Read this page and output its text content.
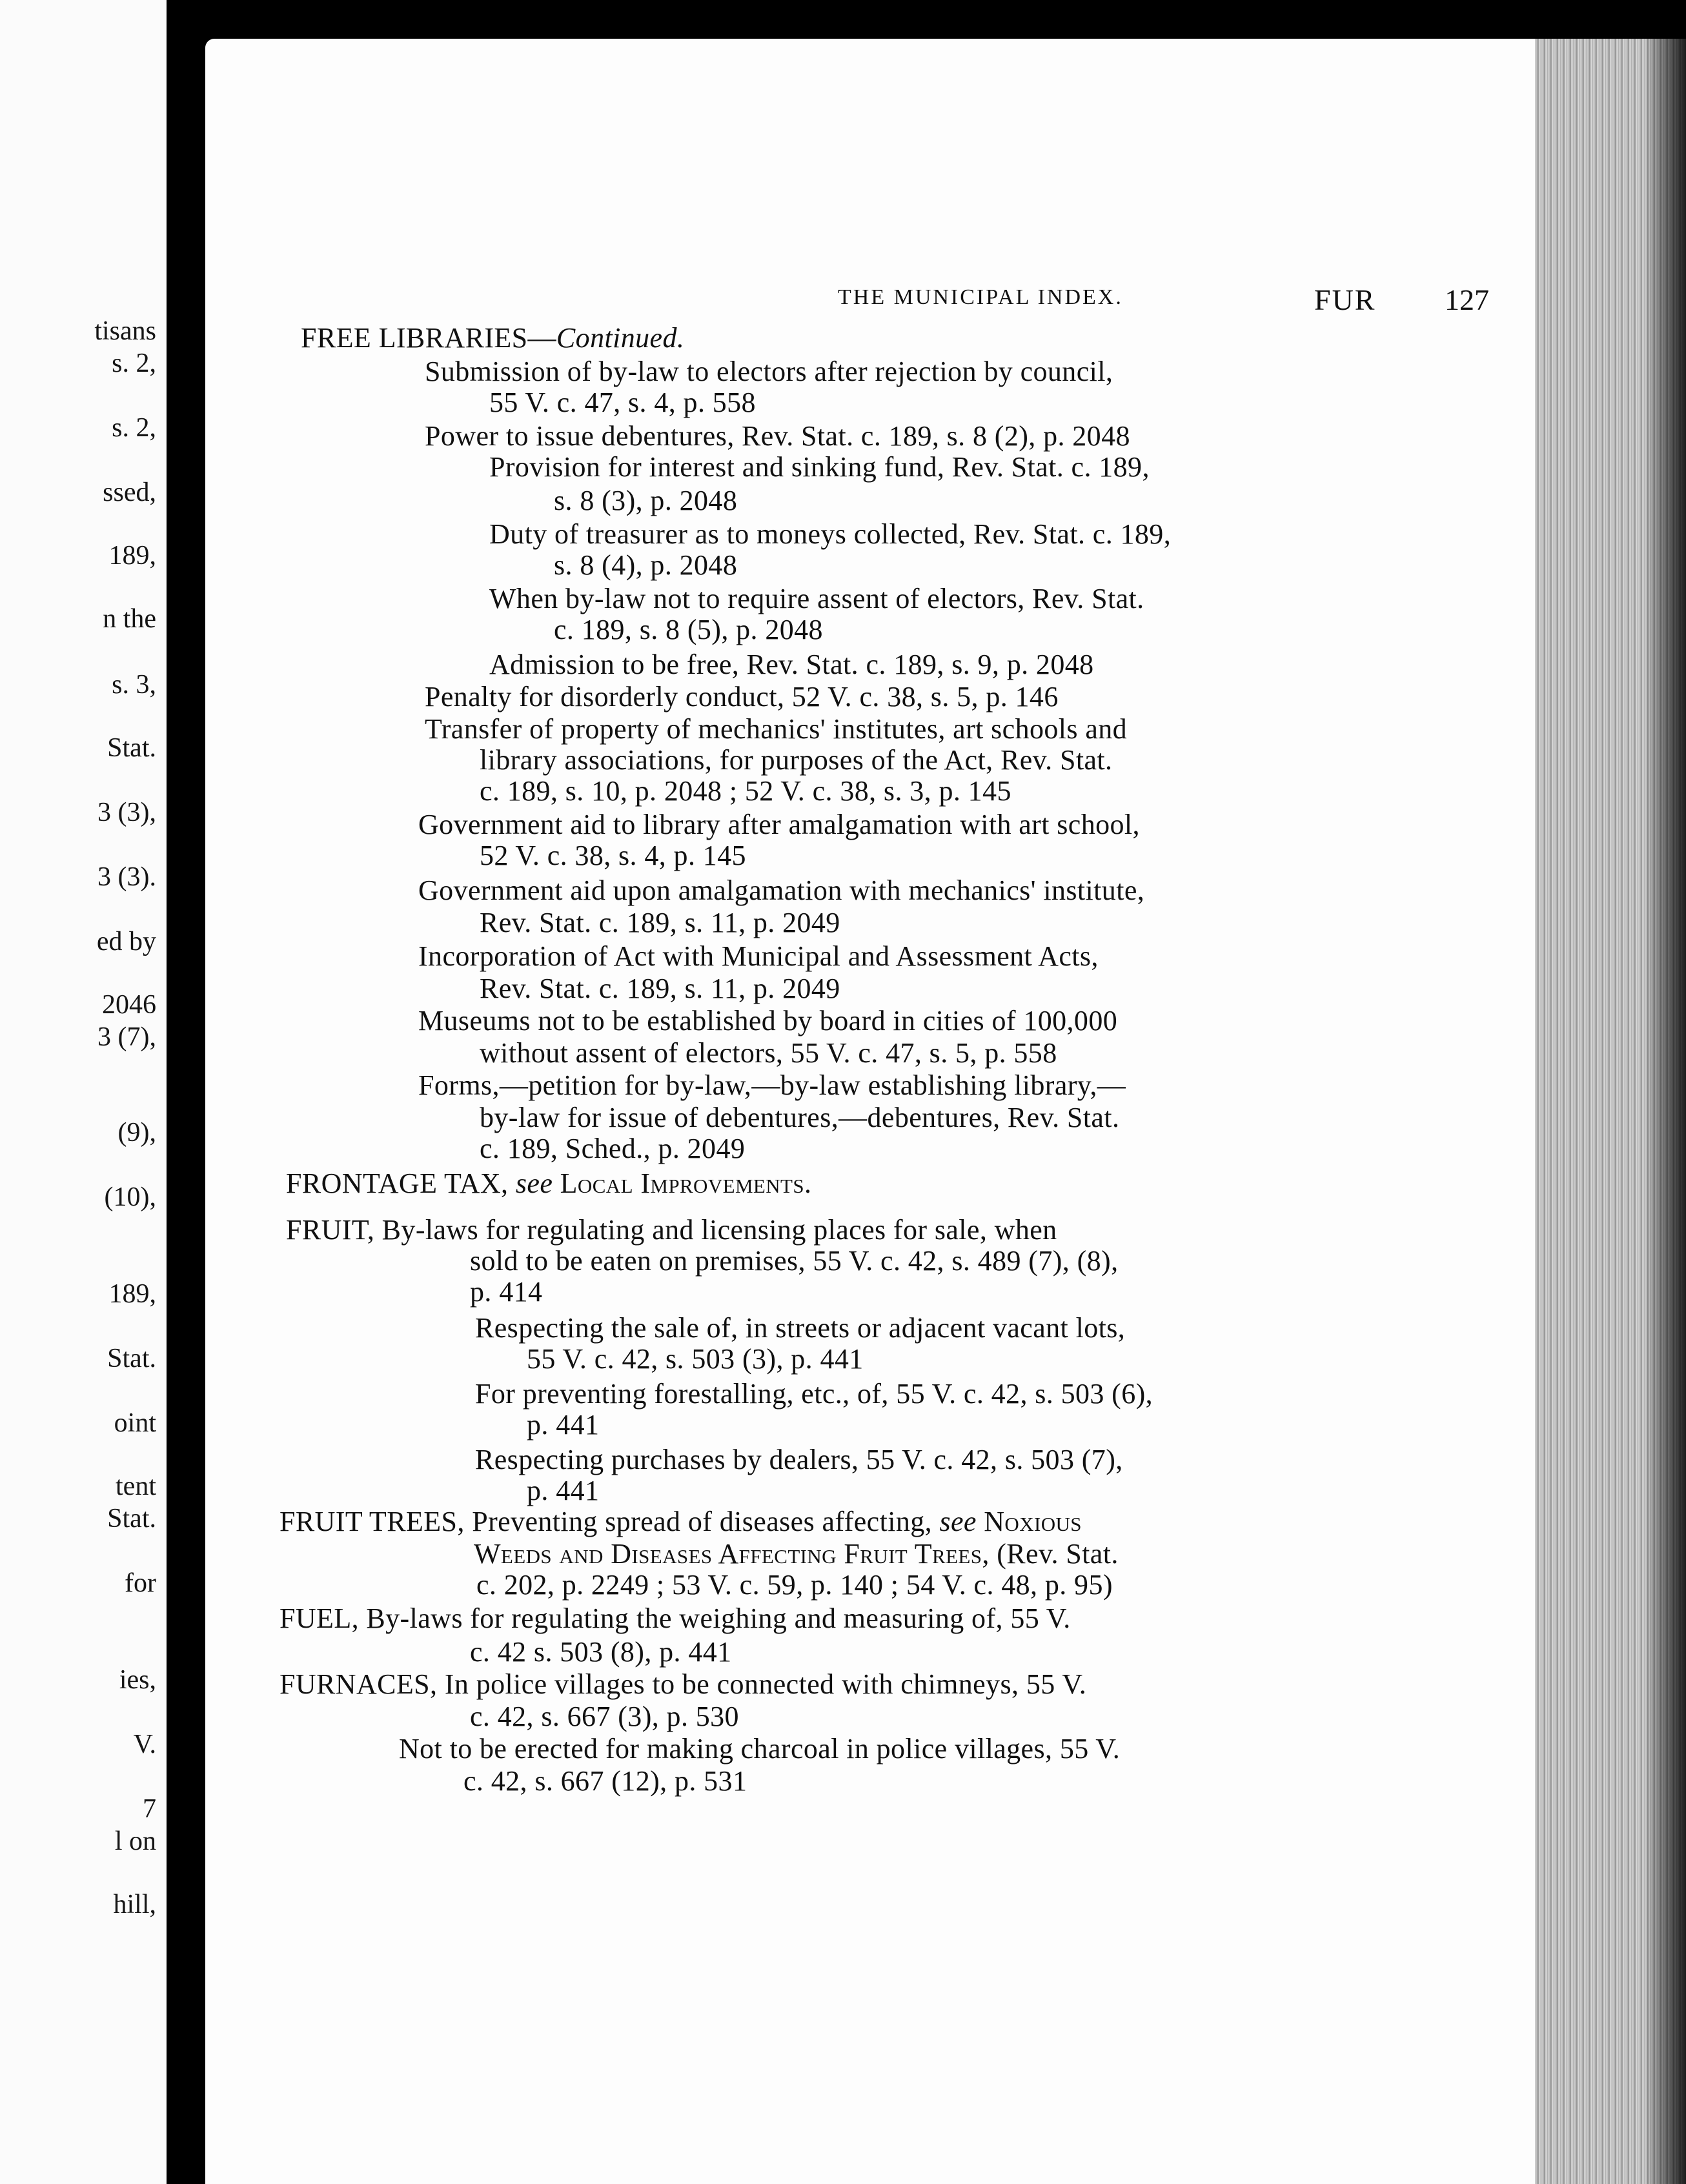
tisans
s. 2,
s. 2,
ssed,
189,
n the
s. 3,
Stat.
3 (3),
3 (3).
ed by
2046
3 (7),
(9),
(10),
189,
Stat.
oint
tent
Stat.
for
ies,
V.
7
l on
hill,
THE MUNICIPAL INDEX.	FUR 127
FREE LIBRARIES—Continued.
Submission of by-law to electors after rejection by council,
55 V. c. 47, s. 4, p. 558
Power to issue debentures, Rev. Stat. c. 189, s. 8 (2), p. 2048
Provision for interest and sinking fund, Rev. Stat. c. 189,
s. 8 (3), p. 2048
Duty of treasurer as to moneys collected, Rev. Stat. c. 189,
s. 8 (4), p. 2048
When by-law not to require assent of electors, Rev. Stat.
c. 189, s. 8 (5), p. 2048
Admission to be free, Rev. Stat. c. 189, s. 9, p. 2048
Penalty for disorderly conduct, 52 V. c. 38, s. 5, p. 146
Transfer of property of mechanics' institutes, art schools and
library associations, for purposes of the Act, Rev. Stat.
c. 189, s. 10, p. 2048 ; 52 V. c. 38, s. 3, p. 145
Government aid to library after amalgamation with art school,
52 V. c. 38, s. 4, p. 145
Government aid upon amalgamation with mechanics' institute,
Rev. Stat. c. 189, s. 11, p. 2049
Incorporation of Act with Municipal and Assessment Acts,
Rev. Stat. c. 189, s. 11, p. 2049
Museums not to be established by board in cities of 100,000
without assent of electors, 55 V. c. 47, s. 5, p. 558
Forms,—petition for by-law,—by-law establishing library,—
by-law for issue of debentures,—debentures, Rev. Stat.
c. 189, Sched., p. 2049
FRONTAGE TAX, see Local Improvements.
FRUIT, By-laws for regulating and licensing places for sale, when
sold to be eaten on premises, 55 V. c. 42, s. 489 (7), (8),
p. 414
Respecting the sale of, in streets or adjacent vacant lots,
55 V. c. 42, s. 503 (3), p. 441
For preventing forestalling, etc., of, 55 V. c. 42, s. 503 (6),
p. 441
Respecting purchases by dealers, 55 V. c. 42, s. 503 (7),
p. 441
FRUIT TREES, Preventing spread of diseases affecting, see Noxious
Weeds and Diseases Affecting Fruit Trees, (Rev. Stat.
c. 202, p. 2249 ; 53 V. c. 59, p. 140 ; 54 V. c. 48, p. 95)
FUEL, By-laws for regulating the weighing and measuring of, 55 V.
c. 42 s. 503 (8), p. 441
FURNACES, In police villages to be connected with chimneys, 55 V.
c. 42, s. 667 (3), p. 530
Not to be erected for making charcoal in police villages, 55 V.
c. 42, s. 667 (12), p. 531
